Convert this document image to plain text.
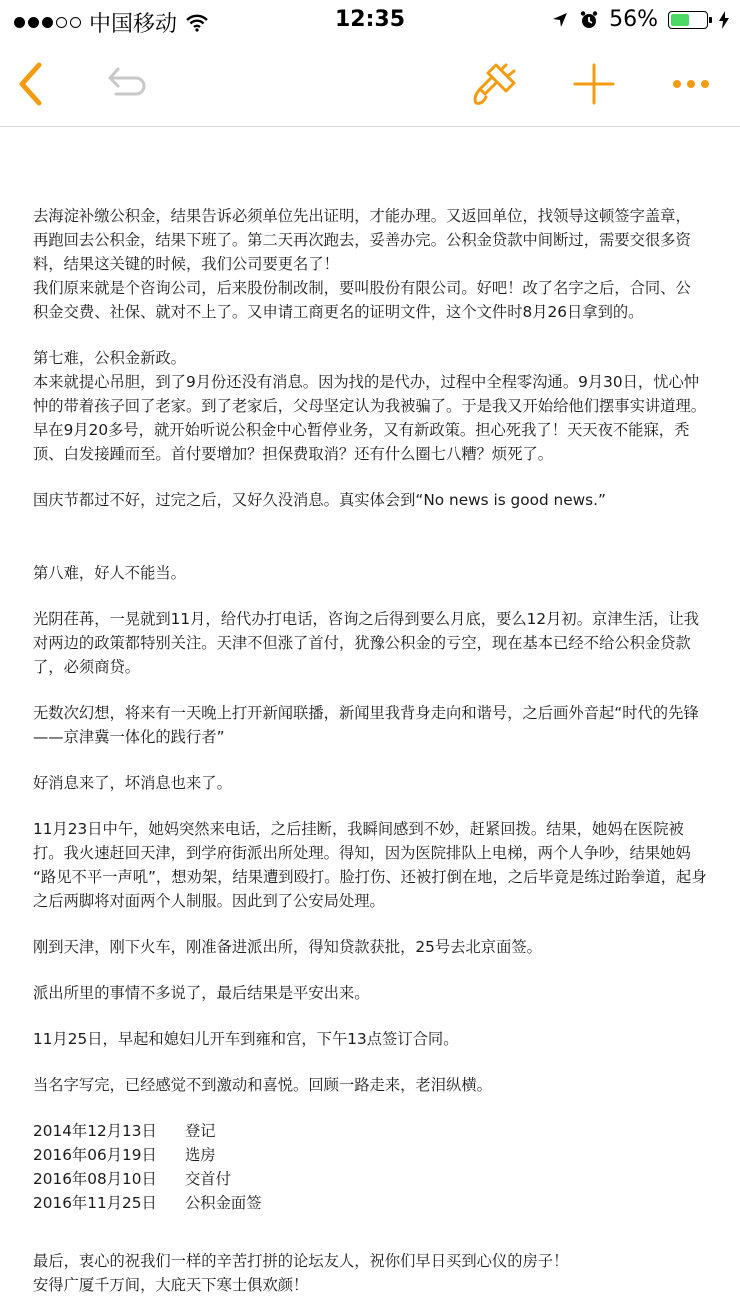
中国移动	12:35	56%

去海淀补缴公积金，结果告诉必须单位先出证明，才能办理。又返回单位，找领导这顿签字盖章，

再跑回去公积金，结果下班了。第二天再次跑去，妥善办完。公积金贷款中间断过，需要交很多资

料，结果这关键的时候，我们公司要更名了！

我们原来就是个咨询公司，后来股份制改制，要叫股份有限公司。好吧！改了名字之后，合同、公

积金交费、社保、就对不上了。又申请工商更名的证明文件，这个文件时8月26日拿到的。

第七难，公积金新政。

本来就提心吊胆，到了9月份还没有消息。因为找的是代办，过程中全程零沟通。9月30日，忧心忡

忡的带着孩子回了老家。到了老家后，父母坚定认为我被骗了。于是我又开始给他们摆事实讲道理。

早在9月20多号，就开始听说公积金中心暂停业务，又有新政策。担心死我了！天天夜不能寐，秃

顶、白发接踵而至。首付要增加？担保费取消？还有什么圈七八糟？烦死了。

国庆节都过不好，过完之后，又好久没消息。真实体会到“No news is good news.”

第八难，好人不能当。

光阴荏苒，一晃就到11月，给代办打电话，咨询之后得到要么月底，要么12月初。京津生活，让我

对两边的政策都特别关注。天津不但涨了首付，犹豫公积金的亏空，现在基本已经不给公积金贷款

了，必须商贷。

无数次幻想，将来有一天晚上打开新闻联播，新闻里我背身走向和谐号，之后画外音起“时代的先锋

——京津冀一体化的践行者”

好消息来了，坏消息也来了。

11月23日中午，她妈突然来电话，之后挂断，我瞬间感到不妙，赶紧回拨。结果，她妈在医院被

打。我火速赶回天津，到学府街派出所处理。得知，因为医院排队上电梯，两个人争吵，结果她妈

“路见不平一声吼”，想劝架，结果遭到殴打。脸打伤、还被打倒在地，之后毕竟是练过跆拳道，起身

之后两脚将对面两个人制服。因此到了公安局处理。

刚到天津，刚下火车，刚准备进派出所，得知贷款获批，25号去北京面签。

派出所里的事情不多说了，最后结果是平安出来。

11月25日，早起和媳妇儿开车到雍和宫，下午13点签订合同。

当名字写完，已经感觉不到激动和喜悦。回顾一路走来，老泪纵横。

2014年12月13日	登记
2016年06月19日	选房
2016年08月10日	交首付
2016年11月25日	公积金面签

最后，衷心的祝我们一样的辛苦打拼的论坛友人，祝你们早日买到心仪的房子！

安得广厦千万间，大庇天下寒士俱欢颜！
